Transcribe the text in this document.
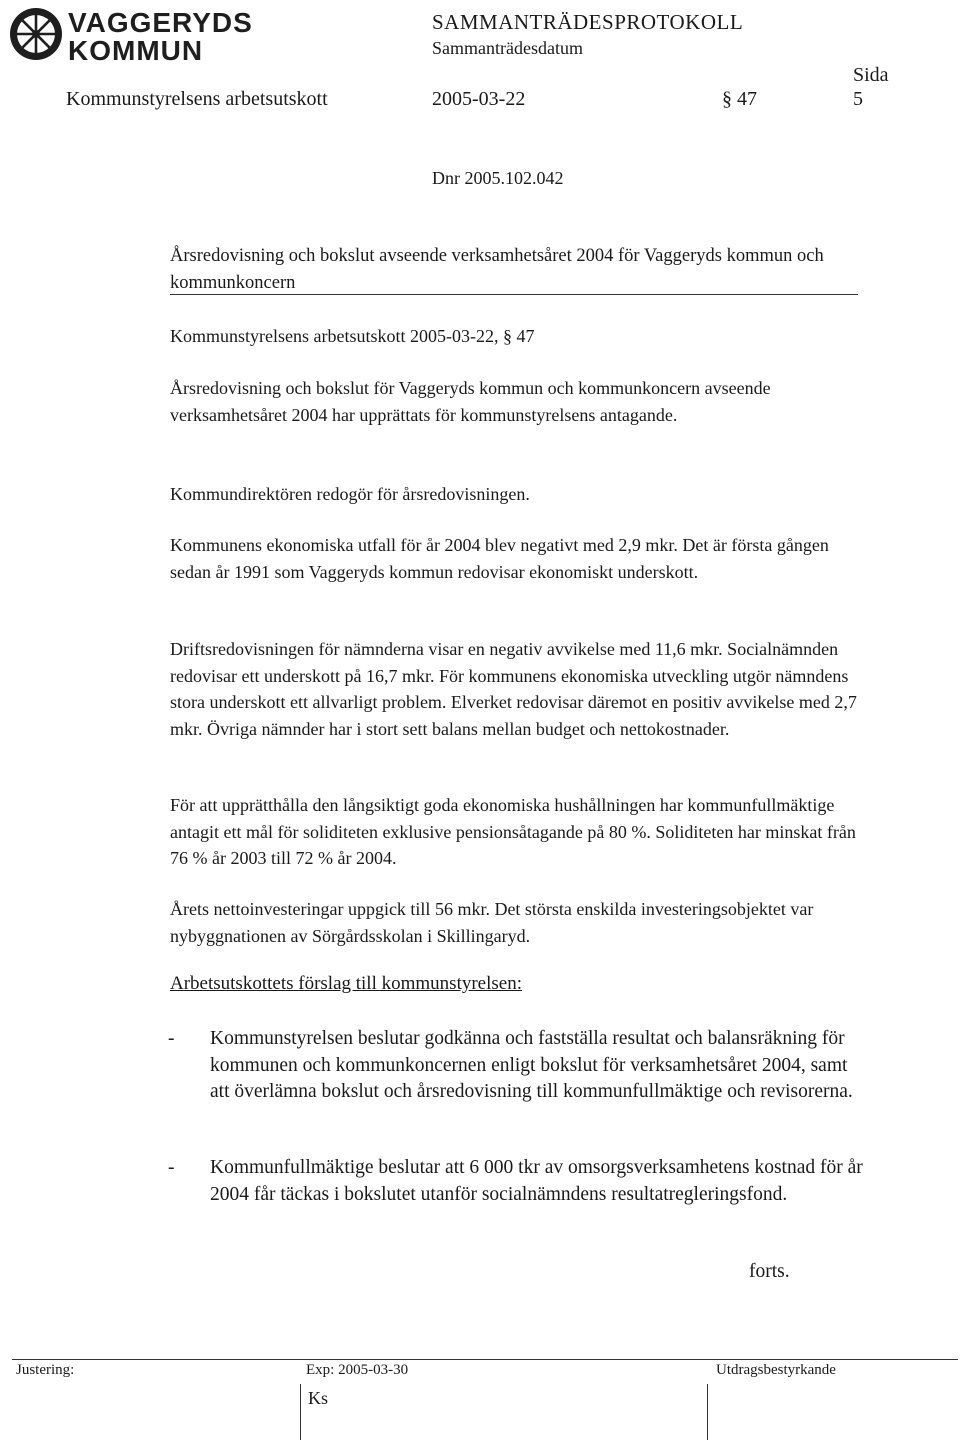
VAGGERYDS
KOMMUN
SAMMANTRÄDESPROTOKOLL
Sammanträdesdatum
Sida
Kommunstyrelsens arbetsutskott	2005-03-22	§ 47	5
Dnr 2005.102.042
Årsredovisning och bokslut avseende verksamhetsåret 2004 för Vaggeryds kommun och kommunkoncern
Kommunstyrelsens arbetsutskott 2005-03-22, § 47
Årsredovisning och bokslut för Vaggeryds kommun och kommunkoncern avseende verksamhetsåret 2004 har upprättats för kommunstyrelsens antagande.
Kommundirektören redogör för årsredovisningen.
Kommunens ekonomiska utfall för år 2004 blev negativt med 2,9 mkr. Det är första gången sedan år 1991 som Vaggeryds kommun redovisar ekonomiskt underskott.
Driftsredovisningen för nämnderna visar en negativ avvikelse med 11,6 mkr. Socialnämnden redovisar ett underskott på 16,7 mkr. För kommunens ekonomiska utveckling utgör nämndens stora underskott ett allvarligt problem. Elverket redovisar däremot en positiv avvikelse med 2,7 mkr. Övriga nämnder har i stort sett balans mellan budget och nettokostnader.
För att upprätthålla den långsiktigt goda ekonomiska hushållningen har kommunfullmäktige antagit ett mål för soliditeten exklusive pensionsåtagande på 80 %. Soliditeten har minskat från 76 % år 2003 till 72 % år 2004.
Årets nettoinvesteringar uppgick till 56 mkr. Det största enskilda investeringsobjektet var nybyggnationen av Sörgårdsskolan i Skillingaryd.
Arbetsutskottets förslag till kommunstyrelsen:
- Kommunstyrelsen beslutar godkänna och fastställa resultat och balansräkning för kommunen och kommunkoncernen enligt bokslut för verksamhetsåret 2004, samt att överlämna bokslut och årsredovisning till kommunfullmäktige och revisorerna.
- Kommunfullmäktige beslutar att 6 000 tkr av omsorgsverksamhetens kostnad för år 2004 får täckas i bokslutet utanför socialnämndens resultatregleringsfond.
forts.
Justering:	Exp: 2005-03-30	Utdragsbestyrkande
Ks
